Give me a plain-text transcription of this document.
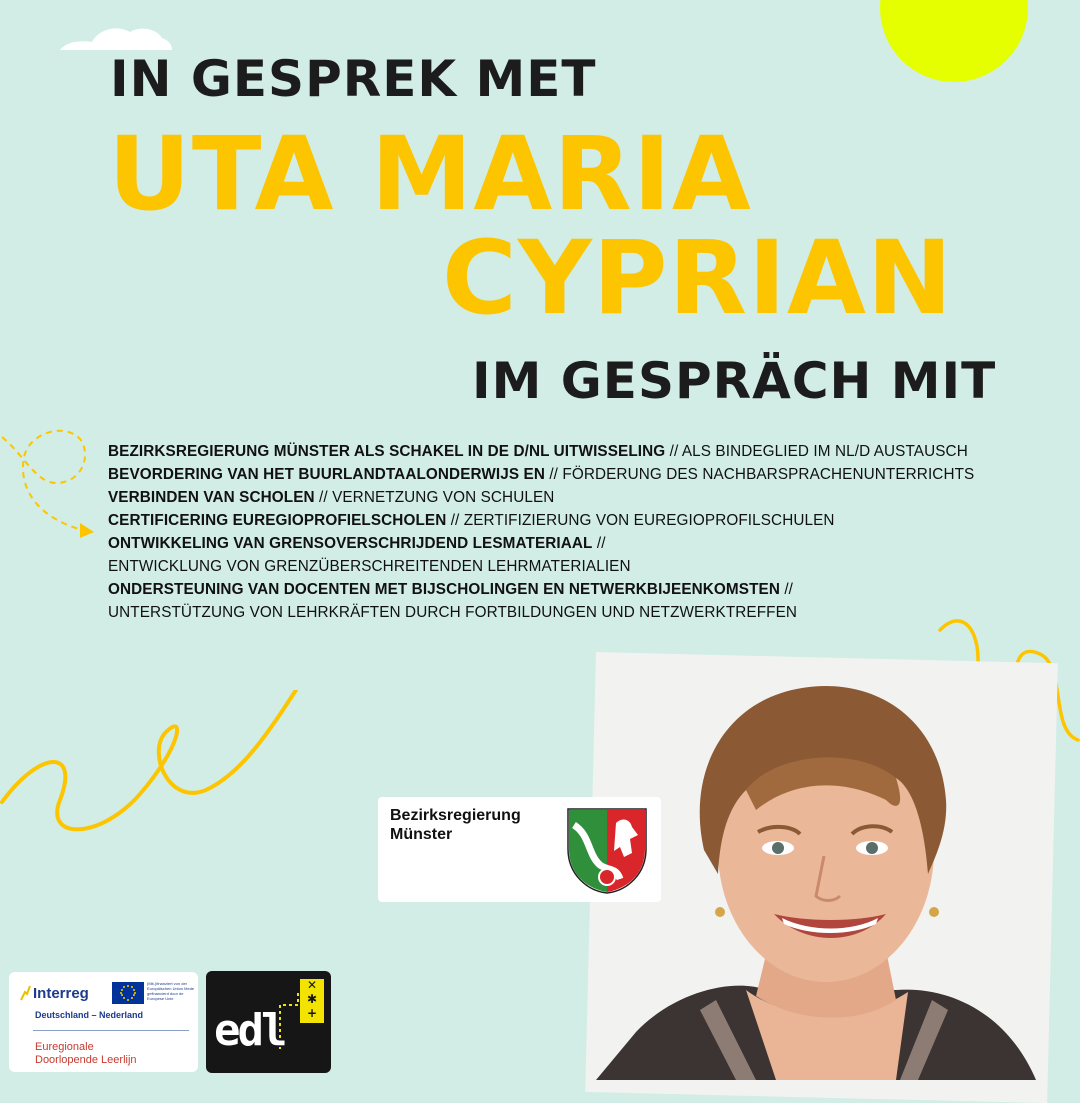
IN GESPREK MET
UTA MARIA
CYPRIAN
IM GESPRÄCH MIT
BEZIRKSREGIERUNG MÜNSTER ALS SCHAKEL IN DE D/NL UITWISSELING // ALS BINDEGLIED IM NL/D AUSTAUSCH
BEVORDERING VAN HET BUURLANDTAALONDERWIJS EN // FÖRDERUNG DES NACHBARSPRACHENUNTERRICHTS
VERBINDEN VAN SCHOLEN // VERNETZUNG VON SCHULEN
CERTIFICERING EUREGIOPROFIELSCHOLEN // ZERTIFIZIERUNG VON EUREGIOPROFILSCHULEN
ONTWIKKELING VAN GRENSOVERSCHRIJDEND LESMATERIAAL //
ENTWICKLUNG VON GRENZÜBERSCHREITENDEN LEHRMATERIALIEN
ONDERSTEUNING VAN DOCENTEN MET BIJSCHOLINGEN EN NETWERKBIJEENKOMSTEN //
UNTERSTÜTZUNG VON LEHRKRÄFTEN DURCH FORTBILDUNGEN UND NETZWERKTREFFEN
Bezirksregierung
Münster
Interreg
(Mit-)finanziert von der Europäischen Union Mede gefinancierd door de Europese Unie
Deutschland – Nederland
Euregionale
Doorlopende Leerlijn
✕
✱
+
edl
